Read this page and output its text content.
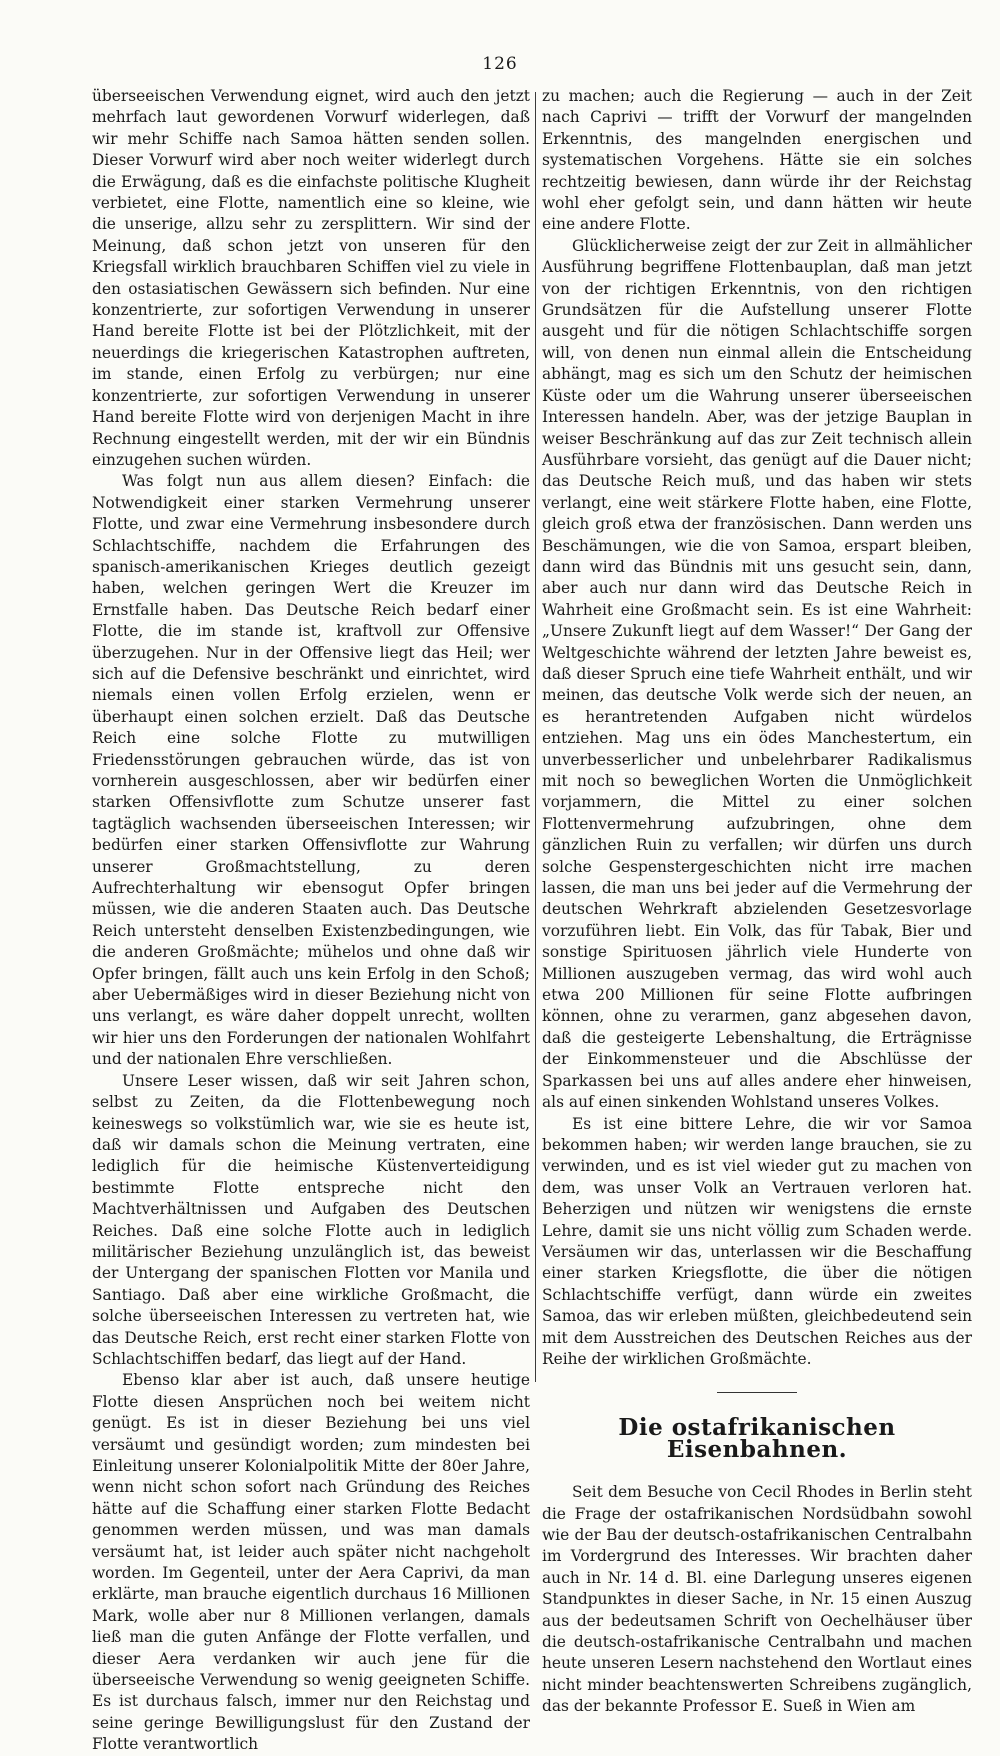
126

überseeischen Verwendung eignet, wird auch den jetzt mehrfach laut gewordenen Vorwurf widerlegen, daß wir mehr Schiffe nach Samoa hätten senden sollen. Dieser Vorwurf wird aber noch weiter widerlegt durch die Erwägung, daß es die einfachste politische Klugheit verbietet, eine Flotte, namentlich eine so kleine, wie die unserige, allzu sehr zu zersplittern. Wir sind der Meinung, daß schon jetzt von unseren für den Kriegsfall wirklich brauchbaren Schiffen viel zu viele in den ostasiatischen Gewässern sich befinden. Nur eine konzentrierte, zur sofortigen Verwendung in unserer Hand bereite Flotte ist bei der Plötzlichkeit, mit der neuerdings die kriegerischen Katastrophen auftreten, im stande, einen Erfolg zu verbürgen; nur eine konzentrierte, zur sofortigen Verwendung in unserer Hand bereite Flotte wird von derjenigen Macht in ihre Rechnung eingestellt werden, mit der wir ein Bündnis einzugehen suchen würden.

Was folgt nun aus allem diesen? Einfach: die Notwendigkeit einer starken Vermehrung unserer Flotte, und zwar eine Vermehrung insbesondere durch Schlachtschiffe, nachdem die Erfahrungen des spanisch-amerikanischen Krieges deutlich gezeigt haben, welchen geringen Wert die Kreuzer im Ernstfalle haben. Das Deutsche Reich bedarf einer Flotte, die im stande ist, kraftvoll zur Offensive überzugehen. Nur in der Offensive liegt das Heil; wer sich auf die Defensive beschränkt und einrichtet, wird niemals einen vollen Erfolg erzielen, wenn er überhaupt einen solchen erzielt. Daß das Deutsche Reich eine solche Flotte zu mutwilligen Friedensstörungen gebrauchen würde, das ist von vornherein ausgeschlossen, aber wir bedürfen einer starken Offensivflotte zum Schutze unserer fast tagtäglich wachsenden überseeischen Interessen; wir bedürfen einer starken Offensivflotte zur Wahrung unserer Großmachtstellung, zu deren Aufrechterhaltung wir ebensogut Opfer bringen müssen, wie die anderen Staaten auch. Das Deutsche Reich untersteht denselben Existenzbedingungen, wie die anderen Großmächte; mühelos und ohne daß wir Opfer bringen, fällt auch uns kein Erfolg in den Schoß; aber Uebermäßiges wird in dieser Beziehung nicht von uns verlangt, es wäre daher doppelt unrecht, wollten wir hier uns den Forderungen der nationalen Wohlfahrt und der nationalen Ehre verschließen.

Unsere Leser wissen, daß wir seit Jahren schon, selbst zu Zeiten, da die Flottenbewegung noch keineswegs so volkstümlich war, wie sie es heute ist, daß wir damals schon die Meinung vertraten, eine lediglich für die heimische Küstenverteidigung bestimmte Flotte entspreche nicht den Machtverhältnissen und Aufgaben des Deutschen Reiches. Daß eine solche Flotte auch in lediglich militärischer Beziehung unzulänglich ist, das beweist der Untergang der spanischen Flotten vor Manila und Santiago. Daß aber eine wirkliche Großmacht, die solche überseeischen Interessen zu vertreten hat, wie das Deutsche Reich, erst recht einer starken Flotte von Schlachtschiffen bedarf, das liegt auf der Hand.

Ebenso klar aber ist auch, daß unsere heutige Flotte diesen Ansprüchen noch bei weitem nicht genügt. Es ist in dieser Beziehung bei uns viel versäumt und gesündigt worden; zum mindesten bei Einleitung unserer Kolonialpolitik Mitte der 80er Jahre, wenn nicht schon sofort nach Gründung des Reiches hätte auf die Schaffung einer starken Flotte Bedacht genommen werden müssen, und was man damals versäumt hat, ist leider auch später nicht nachgeholt worden. Im Gegenteil, unter der Aera Caprivi, da man erklärte, man brauche eigentlich durchaus 16 Millionen Mark, wolle aber nur 8 Millionen verlangen, damals ließ man die guten Anfänge der Flotte verfallen, und dieser Aera verdanken wir auch jene für die überseeische Verwendung so wenig geeigneten Schiffe. Es ist durchaus falsch, immer nur den Reichstag und seine geringe Bewilligungslust für den Zustand der Flotte verantwortlich

zu machen; auch die Regierung — auch in der Zeit nach Caprivi — trifft der Vorwurf der mangelnden Erkenntnis, des mangelnden energischen und systematischen Vorgehens. Hätte sie ein solches rechtzeitig bewiesen, dann würde ihr der Reichstag wohl eher gefolgt sein, und dann hätten wir heute eine andere Flotte.

Glücklicherweise zeigt der zur Zeit in allmählicher Ausführung begriffene Flottenbauplan, daß man jetzt von der richtigen Erkenntnis, von den richtigen Grundsätzen für die Aufstellung unserer Flotte ausgeht und für die nötigen Schlachtschiffe sorgen will, von denen nun einmal allein die Entscheidung abhängt, mag es sich um den Schutz der heimischen Küste oder um die Wahrung unserer überseeischen Interessen handeln. Aber, was der jetzige Bauplan in weiser Beschränkung auf das zur Zeit technisch allein Ausführbare vorsieht, das genügt auf die Dauer nicht; das Deutsche Reich muß, und das haben wir stets verlangt, eine weit stärkere Flotte haben, eine Flotte, gleich groß etwa der französischen. Dann werden uns Beschämungen, wie die von Samoa, erspart bleiben, dann wird das Bündnis mit uns gesucht sein, dann, aber auch nur dann wird das Deutsche Reich in Wahrheit eine Großmacht sein. Es ist eine Wahrheit: „Unsere Zukunft liegt auf dem Wasser!“ Der Gang der Weltgeschichte während der letzten Jahre beweist es, daß dieser Spruch eine tiefe Wahrheit enthält, und wir meinen, das deutsche Volk werde sich der neuen, an es herantretenden Aufgaben nicht würdelos entziehen. Mag uns ein ödes Manchestertum, ein unverbesserlicher und unbelehrbarer Radikalismus mit noch so beweglichen Worten die Unmöglichkeit vorjammern, die Mittel zu einer solchen Flottenvermehrung aufzubringen, ohne dem gänzlichen Ruin zu verfallen; wir dürfen uns durch solche Gespenstergeschichten nicht irre machen lassen, die man uns bei jeder auf die Vermehrung der deutschen Wehrkraft abzielenden Gesetzesvorlage vorzuführen liebt. Ein Volk, das für Tabak, Bier und sonstige Spirituosen jährlich viele Hunderte von Millionen auszugeben vermag, das wird wohl auch etwa 200 Millionen für seine Flotte aufbringen können, ohne zu verarmen, ganz abgesehen davon, daß die gesteigerte Lebenshaltung, die Erträgnisse der Einkommensteuer und die Abschlüsse der Sparkassen bei uns auf alles andere eher hinweisen, als auf einen sinkenden Wohlstand unseres Volkes.

Es ist eine bittere Lehre, die wir vor Samoa bekommen haben; wir werden lange brauchen, sie zu verwinden, und es ist viel wieder gut zu machen von dem, was unser Volk an Vertrauen verloren hat. Beherzigen und nützen wir wenigstens die ernste Lehre, damit sie uns nicht völlig zum Schaden werde. Versäumen wir das, unterlassen wir die Beschaffung einer starken Kriegsflotte, die über die nötigen Schlachtschiffe verfügt, dann würde ein zweites Samoa, das wir erleben müßten, gleichbedeutend sein mit dem Ausstreichen des Deutschen Reiches aus der Reihe der wirklichen Großmächte.

Die ostafrikanischen Eisenbahnen.

Seit dem Besuche von Cecil Rhodes in Berlin steht die Frage der ostafrikanischen Nordsüdbahn sowohl wie der Bau der deutsch-ostafrikanischen Centralbahn im Vordergrund des Interesses. Wir brachten daher auch in Nr. 14 d. Bl. eine Darlegung unseres eigenen Standpunktes in dieser Sache, in Nr. 15 einen Auszug aus der bedeutsamen Schrift von Oechelhäuser über die deutsch-ostafrikanische Centralbahn und machen heute unseren Lesern nachstehend den Wortlaut eines nicht minder beachtenswerten Schreibens zugänglich, das der bekannte Professor E. Sueß in Wien am
